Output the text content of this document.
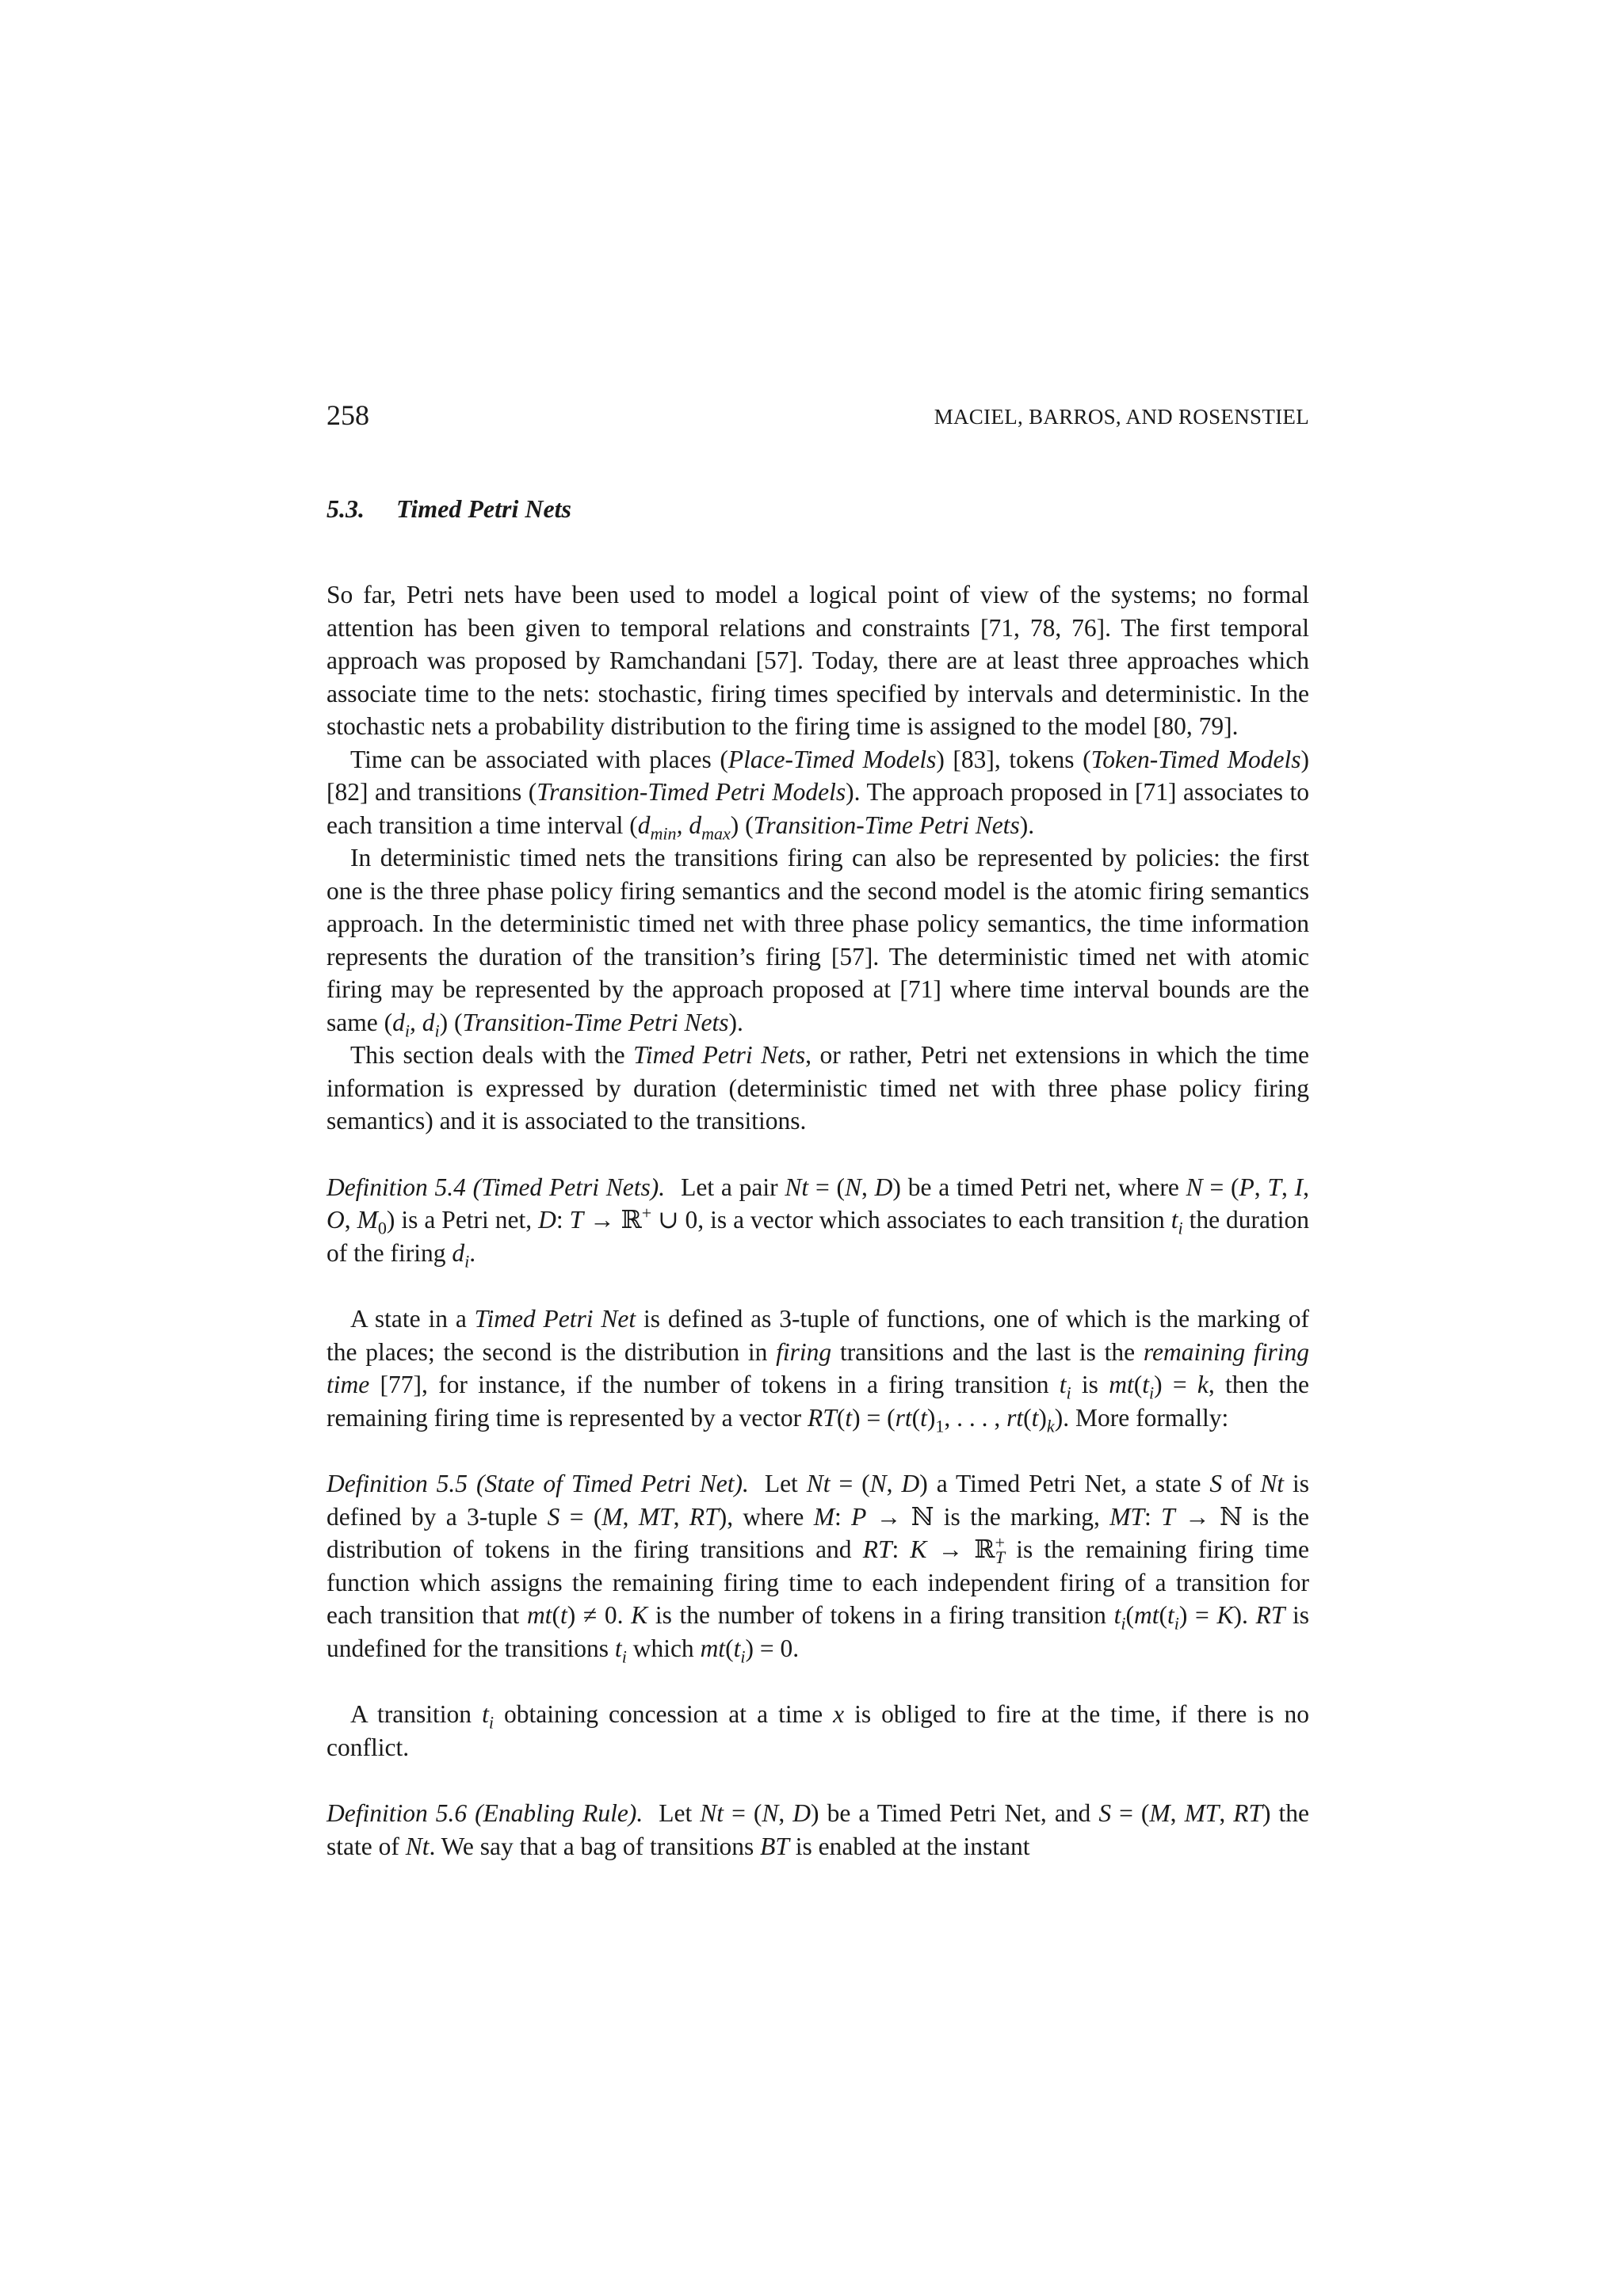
258	MACIEL, BARROS, AND ROSENSTIEL
5.3. Timed Petri Nets

So far, Petri nets have been used to model a logical point of view of the systems; no formal attention has been given to temporal relations and constraints [71, 78, 76]. The first temporal approach was proposed by Ramchandani [57]. Today, there are at least three approaches which associate time to the nets: stochastic, firing times specified by intervals and deterministic. In the stochastic nets a probability distribution to the firing time is assigned to the model [80, 79].

Time can be associated with places (Place-Timed Models) [83], tokens (Token-Timed Models) [82] and transitions (Transition-Timed Petri Models). The approach proposed in [71] associates to each transition a time interval ($d_{min}$, $d_{max}$) (Transition-Time Petri Nets).

In deterministic timed nets the transitions firing can also be represented by policies: the first one is the three phase policy firing semantics and the second model is the atomic firing semantics approach. In the deterministic timed net with three phase policy semantics, the time information represents the duration of the transition’s firing [57]. The deterministic timed net with atomic firing may be represented by the approach proposed at [71] where time interval bounds are the same ($d_i$, $d_i$) (Transition-Time Petri Nets).

This section deals with the Timed Petri Nets, or rather, Petri net extensions in which the time information is expressed by duration (deterministic timed net with three phase policy firing semantics) and it is associated to the transitions.

Definition 5.4 (Timed Petri Nets). Let a pair Nt = (N, D) be a timed Petri net, where N = (P, T, I, O, $M_0$) is a Petri net, D: T → ℝ+ ∪ 0, is a vector which associates to each transition $t_i$ the duration of the firing $d_i$.

A state in a Timed Petri Net is defined as 3-tuple of functions, one of which is the marking of the places; the second is the distribution in firing transitions and the last is the remaining firing time [77], for instance, if the number of tokens in a firing transition $t_i$ is $mt(t_i) = k$, then the remaining firing time is represented by a vector $RT(t) = (rt(t)_1$, . . . , $rt(t)_k$). More formally:

Definition 5.5 (State of Timed Petri Net). Let Nt = (N, D) a Timed Petri Net, a state S of Nt is defined by a 3-tuple S = (M, MT, RT), where M: P → ℕ is the marking, MT: T → ℕ is the distribution of tokens in the firing transitions and RT: K → ℝ+$_T$ is the remaining firing time function which assigns the remaining firing time to each independent firing of a transition for each transition that mt(t) ≠ 0. K is the number of tokens in a firing transition $t_i(mt(t_i) = K)$. RT is undefined for the transitions $t_i$ which $mt(t_i) = 0$.

A transition $t_i$ obtaining concession at a time x is obliged to fire at the time, if there is no conflict.

Definition 5.6 (Enabling Rule). Let Nt = (N, D) be a Timed Petri Net, and S = (M, MT, RT) the state of Nt. We say that a bag of transitions BT is enabled at the instant
